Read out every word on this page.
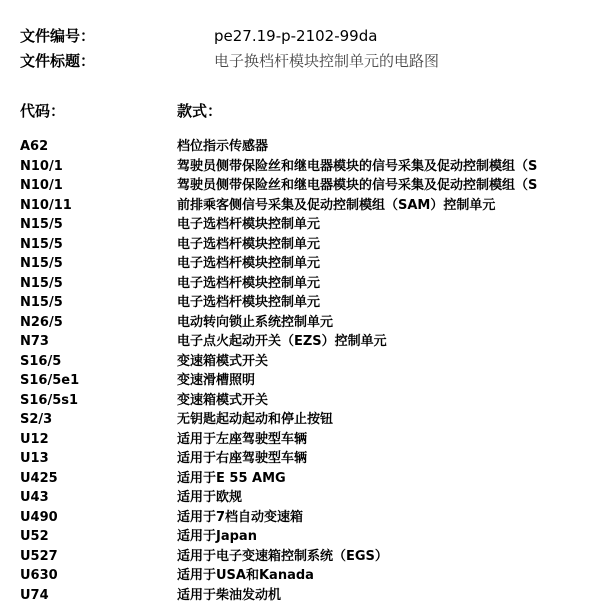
文件编号：	pe27.19-p-2102-99da
文件标题：	电子换档杆模块控制单元的电路图
代码：	款式：
A62	档位指示传感器
N10/1	驾驶员侧带保险丝和继电器模块的信号采集及促动控制模组（S
N10/1	驾驶员侧带保险丝和继电器模块的信号采集及促动控制模组（S
N10/11	前排乘客侧信号采集及促动控制模组（SAM）控制单元
N15/5	电子选档杆模块控制单元
N15/5	电子选档杆模块控制单元
N15/5	电子选档杆模块控制单元
N15/5	电子选档杆模块控制单元
N15/5	电子选档杆模块控制单元
N26/5	电动转向锁止系统控制单元
N73	电子点火起动开关（EZS）控制单元
S16/5	变速箱模式开关
S16/5e1	变速滑槽照明
S16/5s1	变速箱模式开关
S2/3	无钥匙起动起动和停止按钮
U12	适用于左座驾驶型车辆
U13	适用于右座驾驶型车辆
U425	适用于E 55 AMG
U43	适用于欧规
U490	适用于7档自动变速箱
U52	适用于Japan
U527	适用于电子变速箱控制系统（EGS）
U630	适用于USA和Kanada
U74	适用于柴油发动机
